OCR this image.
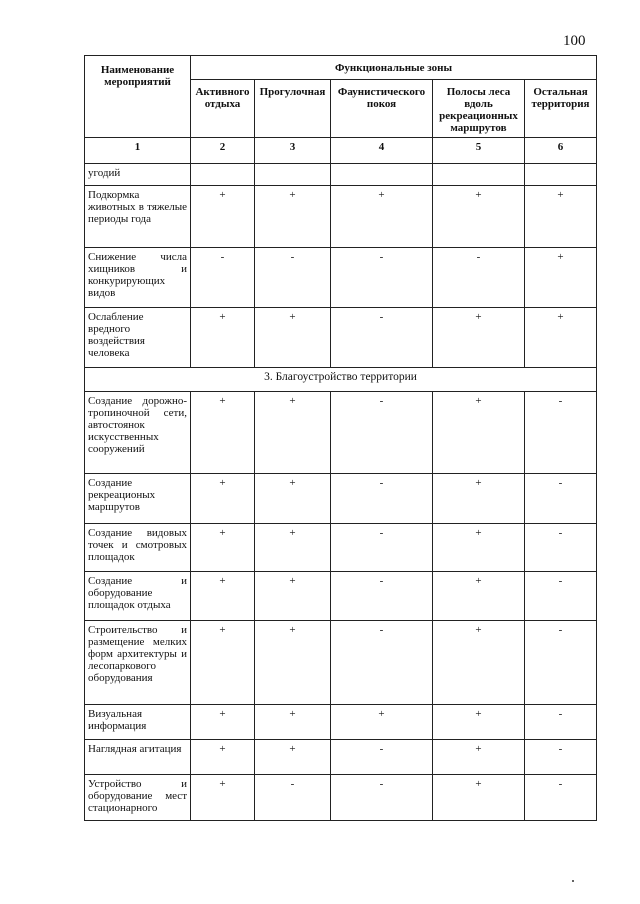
100
Наименование мероприятий	Функциональные зоны				
	Активного отдыха	Прогулочная	Фаунистического покоя	Полосы леса вдоль рекреационных маршрутов	Остальная территория
1	2	3	4	5	6
угодий					
Подкормка животных в тяжелые периоды года	+	+	+	+	+
Снижение числа хищников и конкурирующих видов	-	-	-	-	+
Ослабление вредного воздействия человека	+	+	-	+	+
3. Благоустройство территории					
Создание дорожно-тропиночной сети, автостоянок искусственных сооружений	+	+	-	+	-
Создание рекреационых маршрутов	+	+	-	+	-
Создание видовых точек и смотровых площадок	+	+	-	+	-
Создание и оборудование площадок отдыха	+	+	-	+	-
Строительство и размещение мелких форм архитектуры и лесопаркового оборудования	+	+	-	+	-
Визуальная информация	+	+	+	+	-
Наглядная агитация	+	+	-	+	-
Устройство и оборудование мест стационарного	+	-	-	+	-
